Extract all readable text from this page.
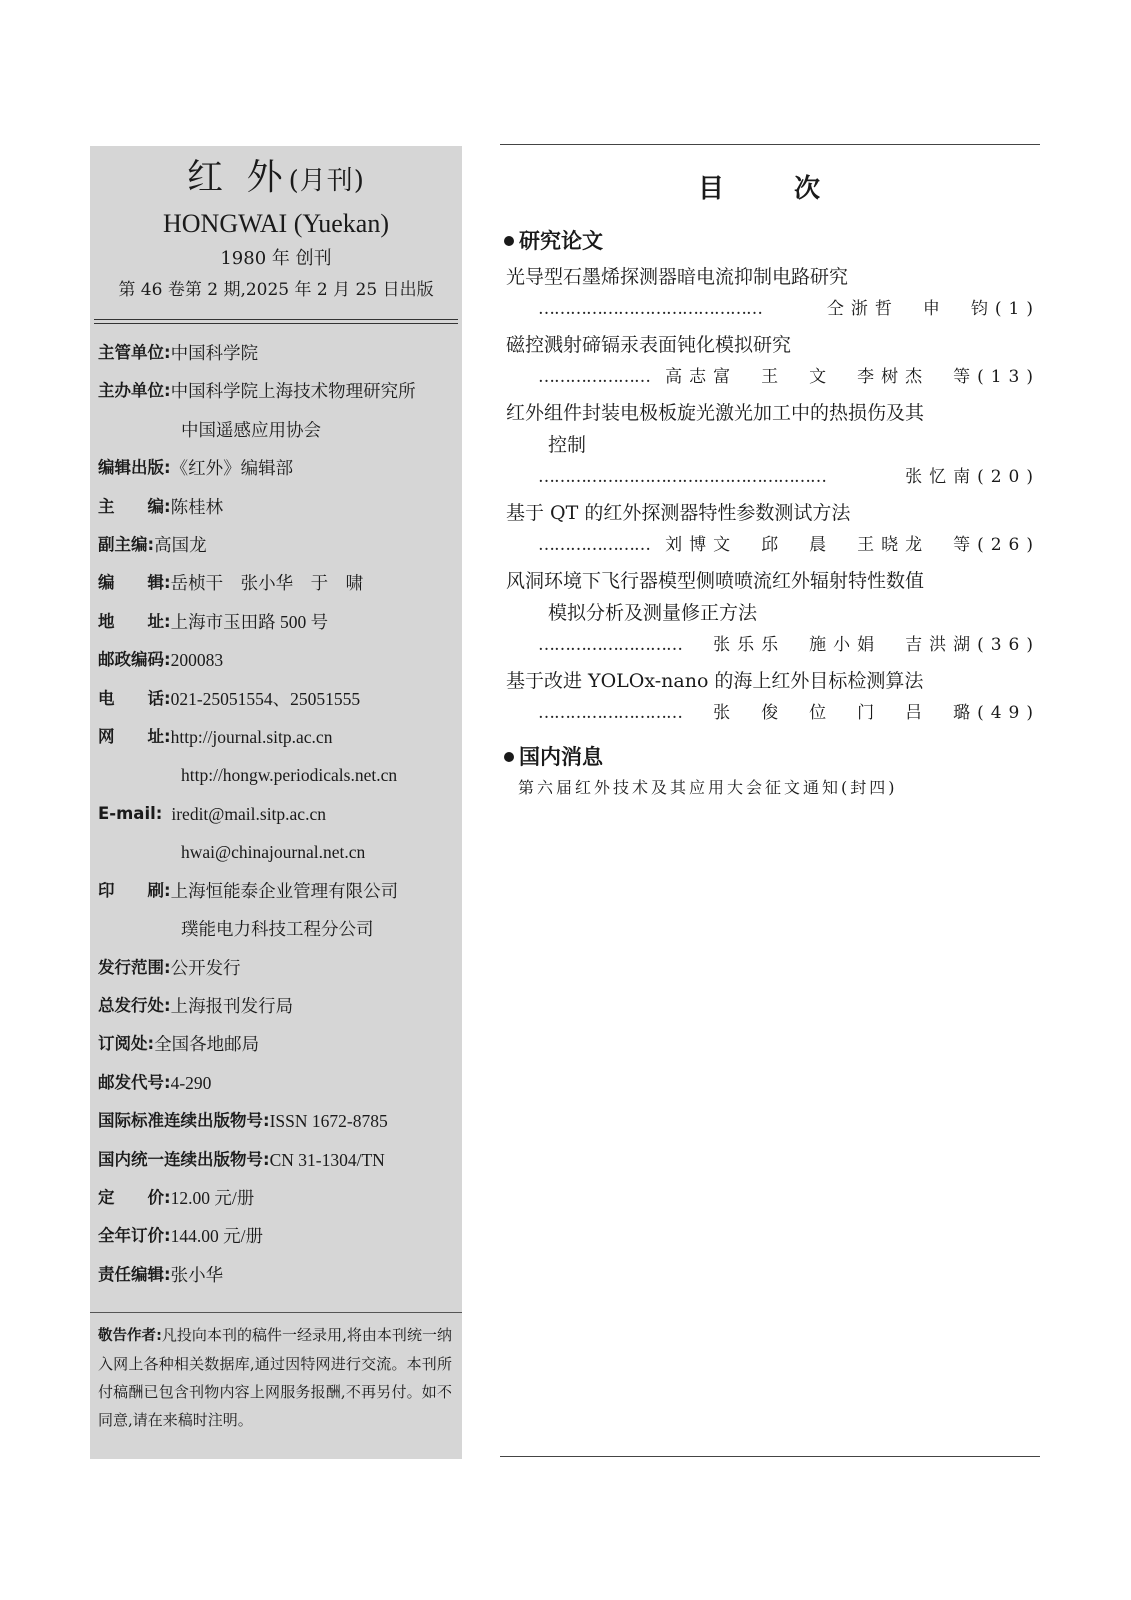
红 外(月刊)
HONGWAI (Yuekan)
1980 年 创刊
第 46 卷第 2 期,2025 年 2 月 25 日出版
主管单位: 中国科学院
主办单位: 中国科学院上海技术物理研究所
中国遥感应用协会
编辑出版: 《红外》编辑部
主　　编: 陈桂林
副主编: 高国龙
编　　辑: 岳桢干　张小华　于　啸
地　　址: 上海市玉田路 500 号
邮政编码: 200083
电　　话: 021-25051554、25051555
网　　址: http://journal.sitp.ac.cn
http://hongw.periodicals.net.cn
E-mail: iredit@mail.sitp.ac.cn
hwai@chinajournal.net.cn
印　　刷: 上海恒能泰企业管理有限公司
璞能电力科技工程分公司
发行范围: 公开发行
总发行处: 上海报刊发行局
订阅处: 全国各地邮局
邮发代号: 4-290
国际标准连续出版物号: ISSN 1672-8785
国内统一连续出版物号: CN 31-1304/TN
定　　价: 12.00 元/册
全年订价: 144.00 元/册
责任编辑: 张小华
敬告作者:凡投向本刊的稿件一经录用,将由本刊统一纳入网上各种相关数据库,通过因特网进行交流。本刊所付稿酬已包含刊物内容上网服务报酬,不再另付。如不同意,请在来稿时注明。
目　次
研究论文
光导型石墨烯探测器暗电流抑制电路研究
……………………………………	仝浙哲　申　钧(1)
磁控溅射碲镉汞表面钝化模拟研究
………………… 高志富　王　文　李树杰　等(13)
红外组件封装电极板旋光激光加工中的热损伤及其
控制
………………………………………………	张忆南(20)
基于 QT 的红外探测器特性参数测试方法
………………… 刘博文　邱　晨　王晓龙　等(26)
风洞环境下飞行器模型侧喷喷流红外辐射特性数值
模拟分析及测量修正方法
……………………… 张乐乐　施小娟　吉洪湖(36)
基于改进 YOLOx-nano 的海上红外目标检测算法
……………………… 张　俊　位　门　吕　璐(49)
国内消息
第六届红外技术及其应用大会征文通知(封四)
